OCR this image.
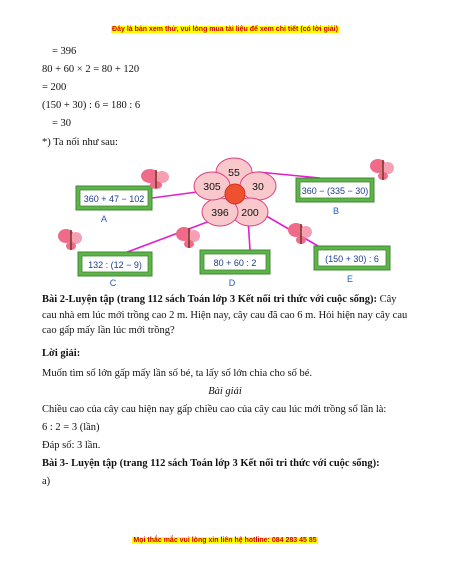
Đây là bản xem thử, vui lòng mua tài liệu để xem chi tiết (có lời giải)
= 396
80 + 60 × 2 = 80 + 120
= 200
(150 + 30) : 6 = 180 : 6
= 30
*) Ta nối như sau:
55
30
200
396
305
360 + 47 − 102
A
360 − (335 − 30)
B
132 : (12 − 9)
C
80 + 60 : 2
D
(150 + 30) : 6
E
Bài 2-Luyện tập (trang 112 sách Toán lớp 3 Kết nối tri thức với cuộc sống): Cây cau nhà em lúc mới trồng cao 2 m. Hiện nay, cây cau đã cao 6 m. Hỏi hiện nay cây cau cao gấp mấy lần lúc mới trồng?
Lời giải:
Muốn tìm số lớn gấp mấy lần số bé, ta lấy số lớn chia cho số bé.
Bài giải
Chiều cao của cây cau hiện nay gấp chiều cao của cây cau lúc mới trồng số lần là:
6 : 2 = 3 (lần)
Đáp số: 3 lần.
Bài 3- Luyện tập (trang 112 sách Toán lớp 3 Kết nối tri thức với cuộc sống):
a)
Mọi thắc mắc vui lòng xin liên hệ hotline: 084 283 45 85
